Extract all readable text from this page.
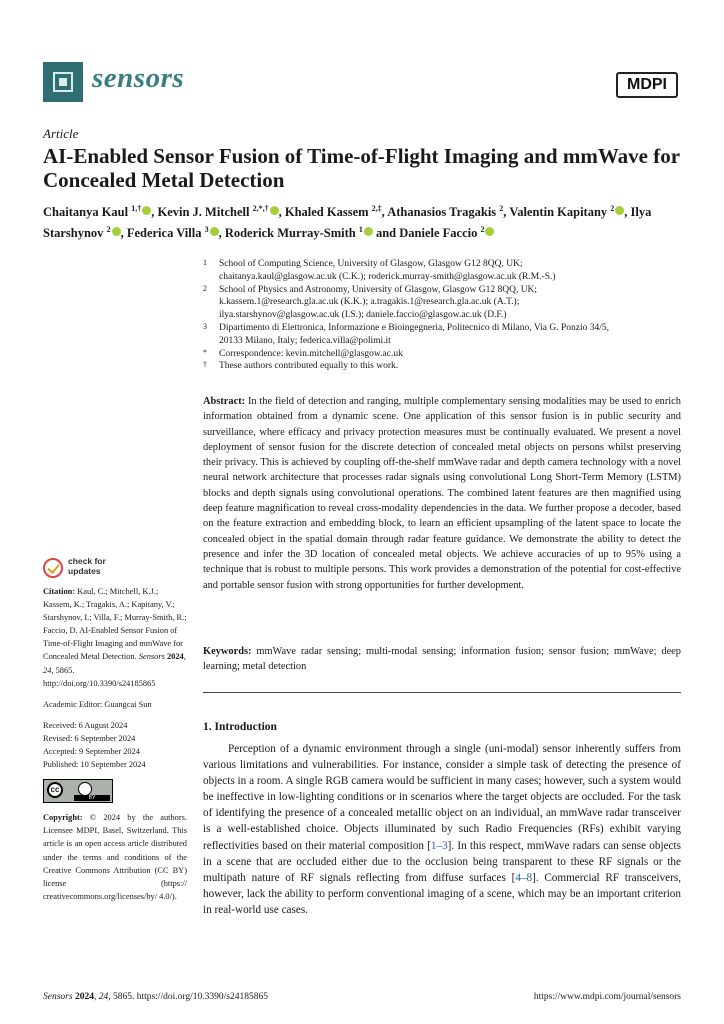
sensors	MDPI
Article
AI-Enabled Sensor Fusion of Time-of-Flight Imaging and mmWave for Concealed Metal Detection
Chaitanya Kaul $^{1,\dagger}$ , Kevin J. Mitchell $^{2,*,\dagger}$ , Khaled Kassem $^{2,\ddagger}$, Athanasios Tragakis $^2$, Valentin Kapitany $^2$ , Ilya Starshynov $^2$ , Federica Villa $^3$ , Roderick Murray-Smith $^1$ and Daniele Faccio $^2$
1 School of Computing Science, University of Glasgow, Glasgow G12 8QQ, UK;
chaitanya.kaul@glasgow.ac.uk (C.K.); roderick.murray-smith@glasgow.ac.uk (R.M.-S.)
2 School of Physics and Astronomy, University of Glasgow, Glasgow G12 8QQ, UK;
k.kassem.1@research.gla.ac.uk (K.K.); a.tragakis.1@research.gla.ac.uk (A.T.);
ilya.starshynov@glasgow.ac.uk (I.S.); daniele.faccio@glasgow.ac.uk (D.F.)
3 Dipartimento di Elettronica, Informazione e Bioingegneria, Politecnico di Milano, Via G. Ponzio 34/5,
20133 Milano, Italy; federica.villa@polimi.it
* Correspondence: kevin.mitchell@glasgow.ac.uk
† These authors contributed equally to this work.
Abstract: In the field of detection and ranging, multiple complementary sensing modalities may be used to enrich information obtained from a dynamic scene. One application of this sensor fusion is in public security and surveillance, where efficacy and privacy protection measures must be continually evaluated. We present a novel deployment of sensor fusion for the discrete detection of concealed metal objects on persons whilst preserving their privacy. This is achieved by coupling off-the-shelf mmWave radar and depth camera technology with a novel neural network architecture that processes radar signals using convolutional Long Short-Term Memory (LSTM) blocks and depth signals using convolutional operations. The combined latent features are then magnified using deep feature magnification to reveal cross-modality dependencies in the data. We further propose a decoder, based on the feature extraction and embedding block, to learn an efficient upsampling of the latent space to locate the concealed object in the spatial domain through radar feature guidance. We demonstrate the ability to detect the presence and infer the 3D location of concealed metal objects. We achieve accuracies of up to 95% using a technique that is robust to multiple persons. This work provides a demonstration of the potential for cost-effective and portable sensor fusion with strong opportunities for further development.
Keywords: mmWave radar sensing; multi-modal sensing; information fusion; sensor fusion; mmWave; deep learning; metal detection
1. Introduction
Perception of a dynamic environment through a single (uni-modal) sensor inherently suffers from various limitations and vulnerabilities. For instance, consider a simple task of detecting the presence of objects in a room. A single RGB camera would be sufficient in many cases; however, such a system would be ineffective in low-lighting conditions or in scenarios where the target objects are occluded. For the task of identifying the presence of a concealed metallic object on an individual, an mmWave radar transceiver is a well-established choice. Objects illuminated by such Radio Frequencies (RFs) exhibit varying reflectivities based on their material composition [1–3]. In this respect, mmWave radars can sense objects in a scene that are occluded either due to the occlusion being transparent to these RF signals or the multipath nature of RF signals reflecting from diffuse surfaces [4–8]. Commercial RF transceivers, however, lack the ability to perform conventional imaging of a scene, which may be an important criterion in real-world use cases.
check for
updates

Citation: Kaul, C.; Mitchell, K.J.; Kassem, K.; Tragakis, A.; Kapitany, V.; Starshynov, I.; Villa, F.; Murray-Smith, R.; Faccio, D. AI-Enabled Sensor Fusion of Time-of-Flight Imaging and mmWave for Concealed Metal Detection. Sensors 2024, 24, 5865. http://doi.org/10.3390/s24185865

Academic Editor: Guangcai Sun

Received: 6 August 2024
Revised: 6 September 2024
Accepted: 9 September 2024
Published: 10 September 2024

cc
BY

Copyright: © 2024 by the authors. Licensee MDPI, Basel, Switzerland. This article is an open access article distributed under the terms and conditions of the Creative Commons Attribution (CC BY) license (https:// creativecommons.org/licenses/by/ 4.0/).

Sensors 2024, 24, 5865. https://doi.org/10.3390/s24185865	https://www.mdpi.com/journal/sensors
